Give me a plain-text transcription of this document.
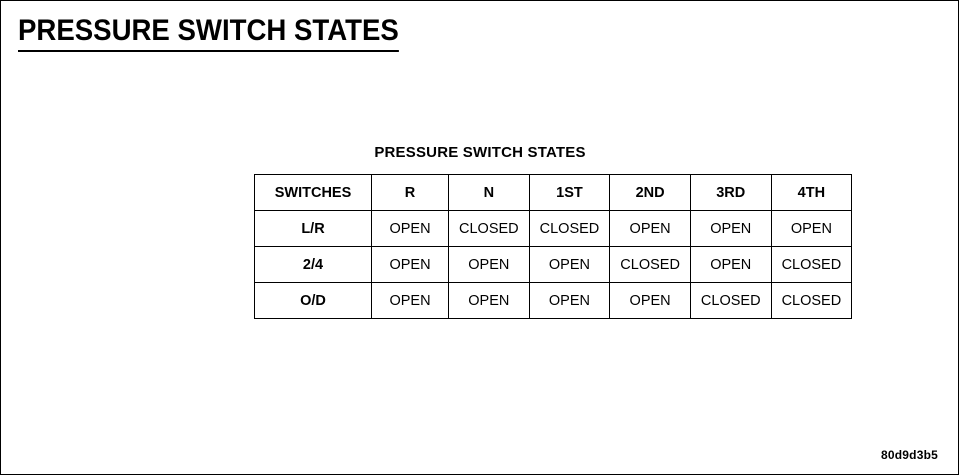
PRESSURE SWITCH STATES
PRESSURE SWITCH STATES
SWITCHES	R	N	1ST	2ND	3RD	4TH
L/R	OPEN	CLOSED	CLOSED	OPEN	OPEN	OPEN
2/4	OPEN	OPEN	OPEN	CLOSED	OPEN	CLOSED
O/D	OPEN	OPEN	OPEN	OPEN	CLOSED	CLOSED
80d9d3b5
